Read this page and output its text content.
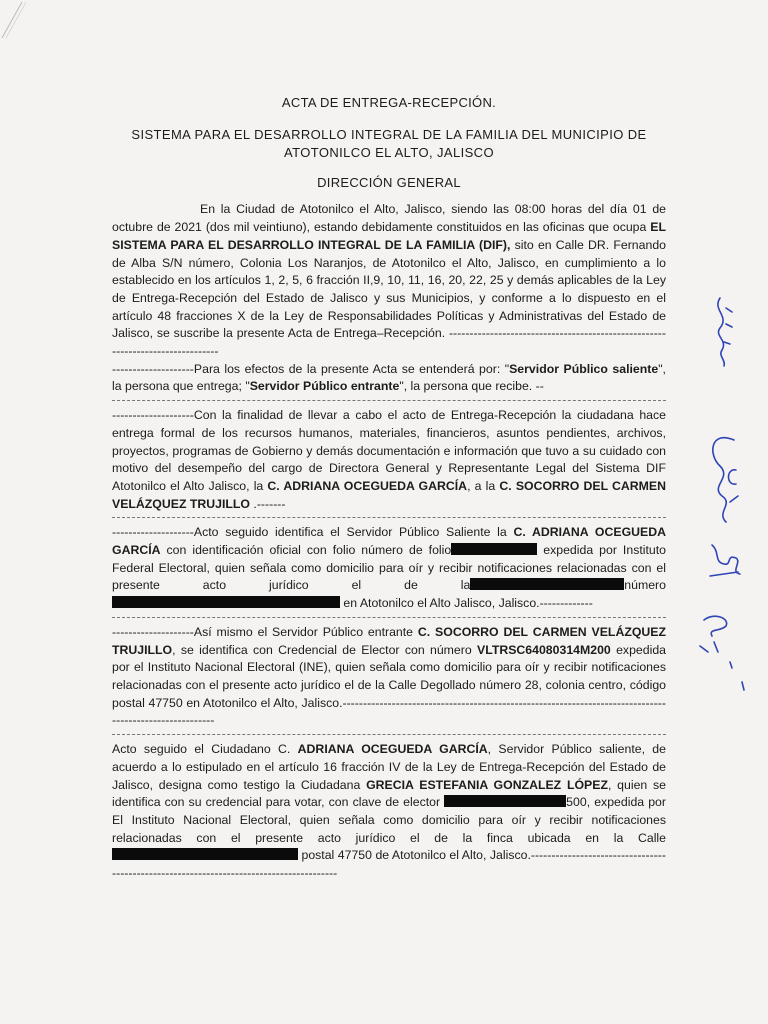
ACTA DE ENTREGA-RECEPCIÓN.
SISTEMA PARA EL DESARROLLO INTEGRAL DE LA FAMILIA DEL MUNICIPIO DE ATOTONILCO EL ALTO, JALISCO
DIRECCIÓN GENERAL

En la Ciudad de Atotonilco el Alto, Jalisco, siendo las 08:00 horas del día 01 de octubre de 2021 (dos mil veintiuno), estando debidamente constituidos en las oficinas que ocupa EL SISTEMA PARA EL DESARROLLO INTEGRAL DE LA FAMILIA (DIF), sito en Calle DR. Fernando de Alba S/N número, Colonia Los Naranjos, de Atotonilco el Alto, Jalisco, en cumplimiento a lo establecido en los artículos 1, 2, 5, 6 fracción II,9, 10, 11, 16, 20, 22, 25 y demás aplicables de la Ley de Entrega-Recepción del Estado de Jalisco y sus Municipios, y conforme a lo dispuesto en el artículo 48 fracciones X de la Ley de Responsabilidades Políticas y Administrativas del Estado de Jalisco, se suscribe la presente Acta de Entrega–Recepción. -------------------------------------------------------------------------------

--------------------Para los efectos de la presente Acta se entenderá por: "Servidor Público saliente", la persona que entrega; "Servidor Público entrante", la persona que recibe. --

--------------------Con la finalidad de llevar a cabo el acto de Entrega-Recepción la ciudadana hace entrega formal de los recursos humanos, materiales, financieros, asuntos pendientes, archivos, proyectos, programas de Gobierno y demás documentación e información que tuvo a su cuidado con motivo del desempeño del cargo de Directora General y Representante Legal del Sistema DIF Atotonilco el Alto Jalisco, la C. ADRIANA OCEGUEDA GARCÍA, a la C. SOCORRO DEL CARMEN VELÁZQUEZ TRUJILLO .-------

--------------------Acto seguido identifica el Servidor Público Saliente la C. ADRIANA OCEGUEDA GARCÍA con identificación oficial con folio número de folio	expedida por Instituto Federal Electoral, quien señala como domicilio para oír y recibir notificaciones relacionadas con el presente acto jurídico el de la	número  en Atotonilco el Alto Jalisco, Jalisco.-------------

--------------------Así mismo el Servidor Público entrante C. SOCORRO DEL CARMEN VELÁZQUEZ TRUJILLO, se identifica con Credencial de Elector con número VLTRSC64080314M200 expedida por el Instituto Nacional Electoral (INE), quien señala como domicilio para oír y recibir notificaciones relacionadas con el presente acto jurídico el de la Calle Degollado número 28, colonia centro, código postal 47750 en Atotonilco el Alto, Jalisco.--------------------------------------------------------------------------------------------------------

Acto seguido el Ciudadano C. ADRIANA OCEGUEDA GARCÍA, Servidor Público saliente, de acuerdo a lo estipulado en el artículo 16 fracción IV de la Ley de Entrega-Recepción del Estado de Jalisco, designa como testigo la Ciudadana GRECIA ESTEFANIA GONZALEZ LÓPEZ, quien se identifica con su credencial para votar, con clave de elector	500, expedida por El Instituto Nacional Electoral, quien señala como domicilio para oír y recibir notificaciones relacionadas con el presente acto jurídico el de la finca ubicada en la Calle  postal 47750 de Atotonilco el Alto, Jalisco.----------------------------------------------------------------------------------------
